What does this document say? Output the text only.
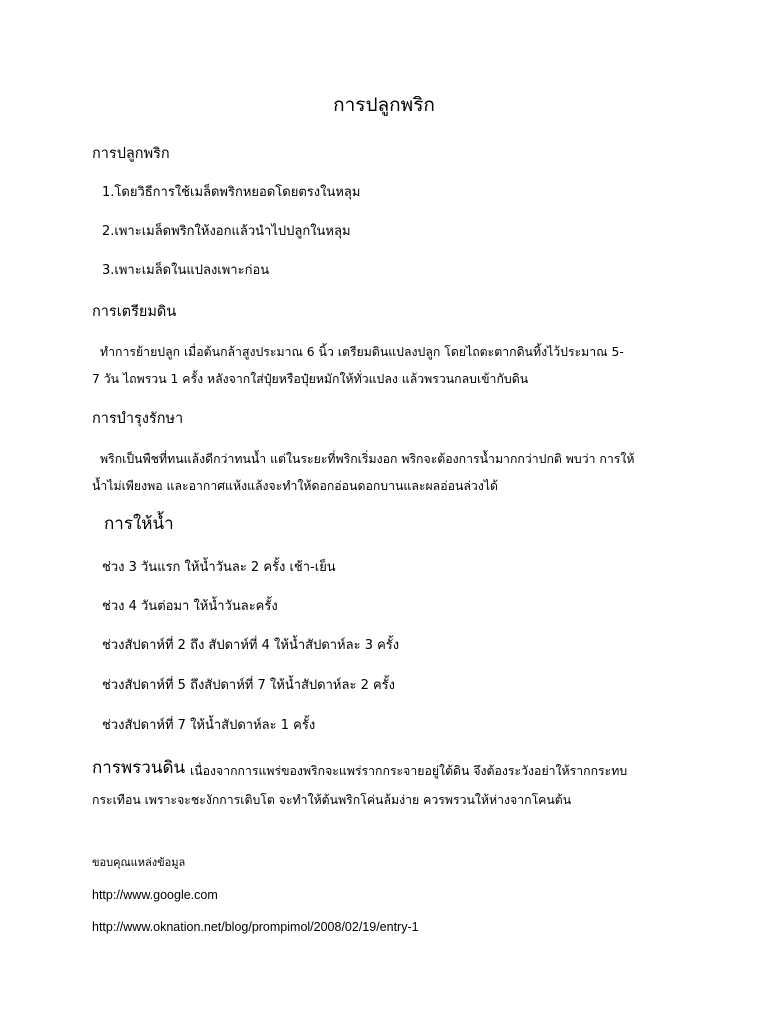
การปลูกพริก
การปลูกพริก
1.โดยวิธีการใช้เมล็ดพริกหยอดโดยตรงในหลุม
2.เพาะเมล็ดพริกให้งอกแล้วนำไปปลูกในหลุม
3.เพาะเมล็ดในแปลงเพาะก่อน
การเตรียมดิน
ทำการย้ายปลูก เมื่อต้นกล้าสูงประมาณ 6 นิ้ว เตรียมดินแปลงปลูก โดยไถตะตากดินทิ้งไว้ประมาณ 5-
7 วัน ไถพรวน 1 ครั้ง หลังจากใส่ปุ๋ยหรือปุ๋ยหมักให้ทั่วแปลง แล้วพรวนกลบเข้ากับดิน
การบำรุงรักษา
พริกเป็นพืชที่ทนแล้งดีกว่าทนน้ำ แต่ในระยะที่พริกเริ่มงอก พริกจะต้องการน้ำมากกว่าปกติ พบว่า การให้
น้ำไม่เพียงพอ และอากาศแห้งแล้งจะทำให้ดอกอ่อนดอกบานและผลอ่อนล่วงได้
การให้น้ำ
ช่วง 3 วันแรก ให้น้ำวันละ 2 ครั้ง เช้า-เย็น
ช่วง 4 วันต่อมา ให้น้ำวันละครั้ง
ช่วงสัปดาห์ที่ 2 ถึง สัปดาห์ที่ 4 ให้น้ำสัปดาห์ละ 3 ครั้ง
ช่วงสัปดาห์ที่ 5 ถึงสัปดาห์ที่ 7 ให้น้ำสัปดาห์ละ 2 ครั้ง
ช่วงสัปดาห์ที่ 7 ให้น้ำสัปดาห์ละ 1 ครั้ง
การพรวนดิน เนื่องจากการแพร่ของพริกจะแพร่รากกระจายอยู่ใต้ดิน จึงต้องระวังอย่าให้รากกระทบ
กระเทือน เพราะจะชะงักการเติบโต จะทำให้ต้นพริกโค่นล้มง่าย ควรพรวนให้ห่างจากโคนต้น
ขอบคุณแหล่งข้อมูล
http://www.google.com
http://www.oknation.net/blog/prompimol/2008/02/19/entry-1
